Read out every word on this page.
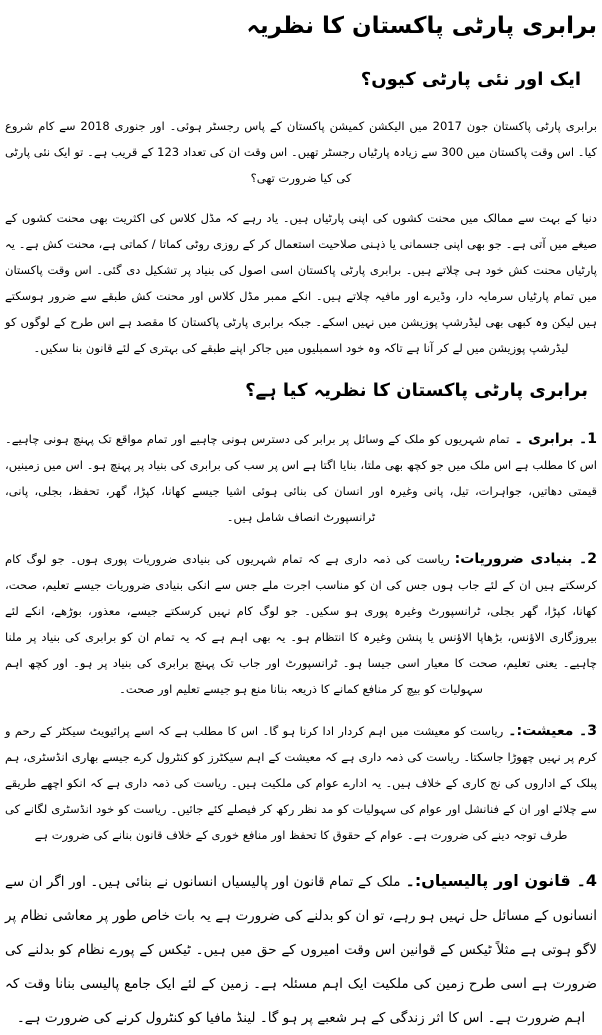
برابری پارٹی پاکستان کا نظریہ
ایک اور نئی پارٹی کیوں؟

برابری پارٹی پاکستان جون 2017 میں الیکشن کمیشن پاکستان کے پاس رجسٹر ہوئی۔ اور جنوری 2018 سے کام شروع کیا۔ اس وقت پاکستان میں 300 سے زیادہ پارٹیاں رجسٹر تھیں۔ اس وقت ان کی تعداد 123 کے قریب ہے۔ تو ایک نئی پارٹی کی کیا ضرورت تھی؟

دنیا کے بہت سے ممالک میں محنت کشوں کی اپنی پارٹیاں ہیں۔ یاد رہے کہ مڈل کلاس کی اکثریت بھی محنت کشوں کے صیغے میں آتی ہے۔ جو بھی اپنی جسمانی یا ذہنی صلاحیت استعمال کر کے روزی روٹی کماتا / کماتی ہے، محنت کش ہے۔ یہ پارٹیاں محنت کش خود ہی چلاتے ہیں۔ برابری پارٹی پاکستان اسی اصول کی بنیاد پر تشکیل دی گئی۔ اس وقت پاکستان میں تمام پارٹیاں سرمایہ دار، وڈیرے اور مافیہ چلاتے ہیں۔ انکے ممبر مڈل کلاس اور محنت کش طبقے سے ضرور ہوسکتے ہیں لیکن وہ کبھی بھی لیڈرشپ پوزیشن میں نہیں اسکے۔ جبکہ برابری پارٹی پاکستان کا مقصد ہے اس طرح کے لوگوں کو لیڈرشپ پوزیشن میں لے کر آنا ہے تاکہ وہ خود اسمبلیوں میں جاکر اپنے طبقے کی بہتری کے لئے قانون بنا سکیں۔

برابری پارٹی پاکستان کا نظریہ کیا ہے؟

1۔ برابری ۔تمام شہریوں کو ملک کے وسائل پر برابر کی دسترس ہونی چاہیے اور تمام مواقع تک پہنچ ہونی چاہیے۔ اس کا مطلب ہے اس ملک میں جو کچھ بھی ملتا، بنایا اگتا ہے اس پر سب کی برابری کی بنیاد پر پہنچ ہو۔ اس میں زمینیں، قیمتی دھاتیں، جواہرات، تیل، پانی وغیرہ اور انسان کی بنائی ہوئی اشیا جیسے کھانا، کپڑا، گھر، تحفظ، بجلی، پانی، ٹرانسپورٹ انصاف شامل ہیں۔

2۔ بنیادی ضروریات:ریاست کی ذمہ داری ہے کہ تمام شہریوں کی بنیادی ضروریات پوری ہوں۔ جو لوگ کام کرسکتے ہیں ان کے لئے جاب ہوں جس کی ان کو مناسب اجرت ملے جس سے انکی بنیادی ضروریات جیسے تعلیم، صحت، کھانا، کپڑا، گھر بجلی، ٹرانسپورٹ وغیرہ پوری ہو سکیں۔ جو لوگ کام نہیں کرسکتے جیسے، معذور، بوڑھے، انکے لئے بیروزگاری الاؤنس، بڑھاپا الاؤنس یا پنشن وغیرہ کا انتظام ہو۔ یہ بھی اہم ہے کہ یہ تمام ان کو برابری کی بنیاد پر ملنا چاہیے۔ یعنی تعلیم، صحت کا معیار اسی جیسا ہو۔ ٹرانسپورٹ اور جاب تک پہنچ برابری کی بنیاد پر ہو۔ اور کچھ اہم سہولیات کو بیچ کر منافع کمانے کا ذریعہ بنانا منع ہو جیسے تعلیم اور صحت۔

3۔ معیشت:۔ریاست کو معیشت میں اہم کردار ادا کرنا ہو گا۔ اس کا مطلب ہے کہ اسے پرائیویٹ سیکٹر کے رحم و کرم پر نہیں چھوڑا جاسکتا۔ ریاست کی ذمہ داری ہے کہ معیشت کے اہم سیکٹرز کو کنٹرول کرے جیسے بھاری انڈسٹری، ہم پبلک کے اداروں کی نج کاری کے خلاف ہیں۔ یہ ادارے عوام کی ملکیت ہیں۔ ریاست کی ذمہ داری ہے کہ انکو اچھے طریقے سے چلائے اور ان کے فنانشل اور عوام کی سہولیات کو مد نظر رکھ کر فیصلے کئے جائیں۔ ریاست کو خود انڈسٹری لگانے کی طرف توجہ دینے کی ضرورت ہے۔ عوام کے حقوق کا تحفظ اور منافع خوری کے خلاف قانون بنانے کی ضرورت ہے

4۔ قانون اور پالیسیاں:۔ملک کے تمام قانون اور پالیسیاں انسانوں نے بنائی ہیں۔ اور اگر ان سے انسانوں کے مسائل حل نہیں ہو رہے، تو ان کو بدلنے کی ضرورت ہے یہ بات خاص طور پر معاشی نظام پر لاگو ہوتی ہے مثلاً ٹیکس کے قوانین اس وقت امیروں کے حق میں ہیں۔ ٹیکس کے پورے نظام کو بدلنے کی ضرورت ہے اسی طرح زمین کی ملکیت ایک اہم مسئلہ ہے۔ زمین کے لئے ایک جامع پالیسی بنانا وقت کہ اہم ضرورت ہے۔ اس کا اثر زندگی کے ہر شعبے پر ہو گا۔ لینڈ مافیا کو کنٹرول کرنے کی ضرورت ہے۔
